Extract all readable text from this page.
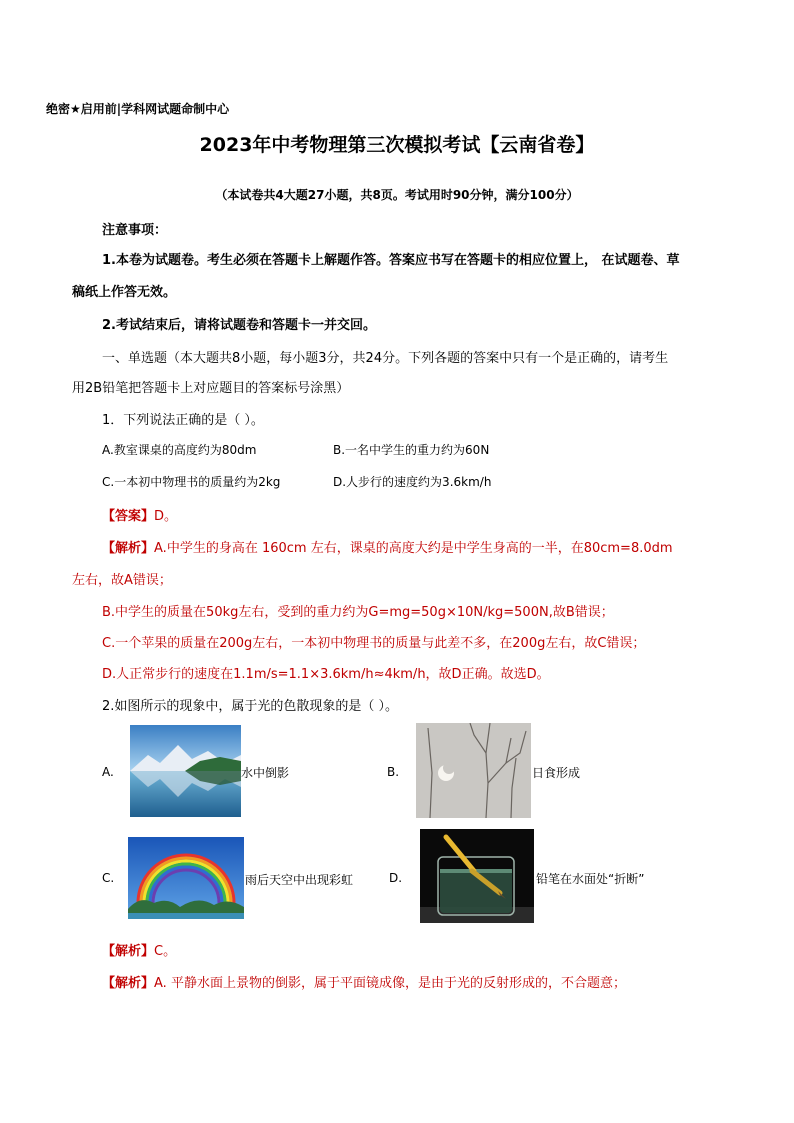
绝密★启用前|学科网试题命制中心
2023年中考物理第三次模拟考试【云南省卷】
（本试卷共4大题27小题，共8页。考试用时90分钟，满分100分）
注意事项：
1.本卷为试题卷。考生必须在答题卡上解题作答。答案应书写在答题卡的相应位置上， 在试题卷、草
稿纸上作答无效。
2.考试结束后，请将试题卷和答题卡一并交回。
一、单选题（本大题共8小题，每小题3分，共24分。下列各题的答案中只有一个是正确的，请考生
用2B铅笔把答题卡上对应题目的答案标号涂黑）
1．下列说法正确的是（ ）。
A.教室课桌的高度约为80dm	B.一名中学生的重力约为60N
C.一本初中物理书的质量约为2kg	D.人步行的速度约为3.6km/h
【答案】D。
【解析】A.中学生的身高在 160cm 左右，课桌的高度大约是中学生身高的一半，在80cm=8.0dm
左右，故A错误；
B.中学生的质量在50kg左右，受到的重力约为G=mg=50g×10N/kg=500N,故B错误；
C.一个苹果的质量在200g左右，一本初中物理书的质量与此差不多，在200g左右，故C错误；
D.人正常步行的速度在1.1m/s=1.1×3.6km/h≈4km/h，故D正确。故选D。
2.如图所示的现象中，属于光的色散现象的是（ ）。
A.	水中倒影	B.	日食形成
C.	雨后天空中出现彩虹	D.	铅笔在水面处“折断”
【解析】C。
【解析】A. 平静水面上景物的倒影，属于平面镜成像，是由于光的反射形成的，不合题意；
